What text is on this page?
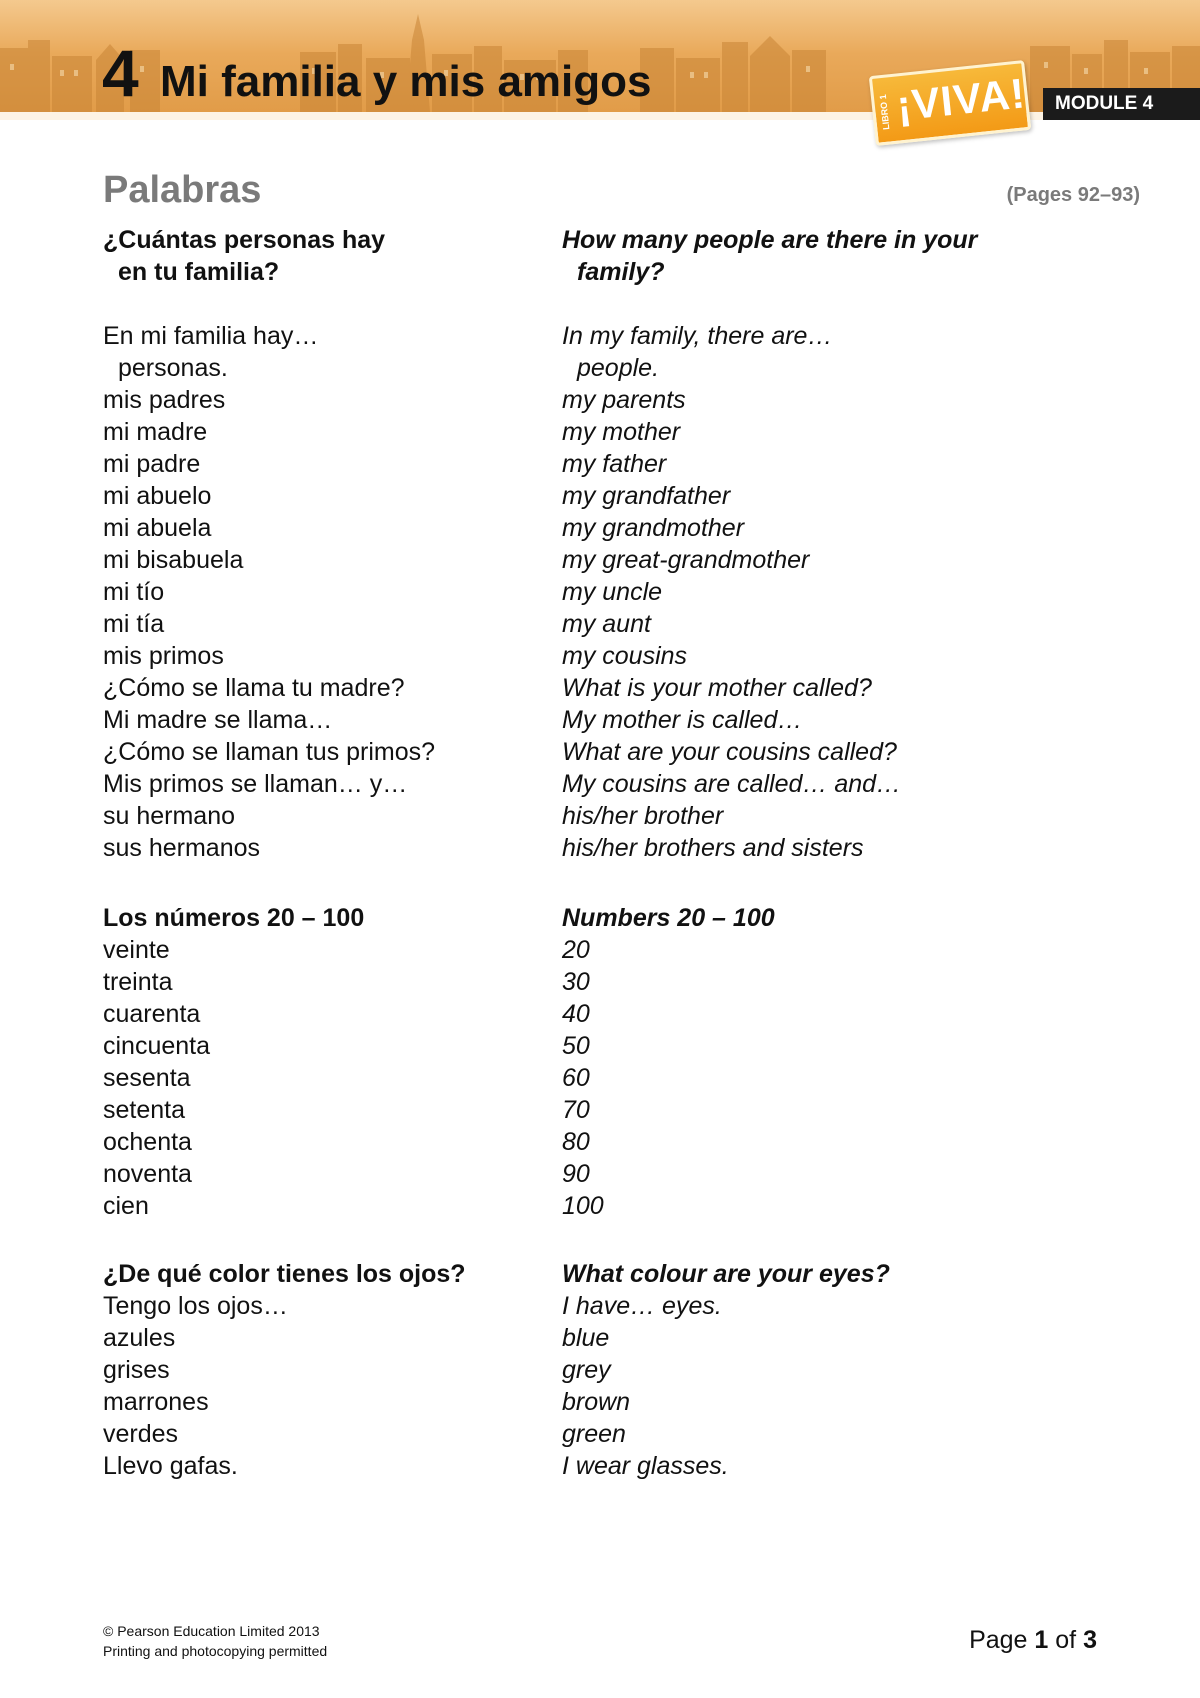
4 Mi familia y mis amigos
LIBRO 1 ¡VIVA!	MODULE 4
Palabras	(Pages 92–93)
¿Cuántas personas hay	How many people are there in your
en tu familia?	family?
En mi familia hay…	In my family, there are…
personas.	people.
mis padres	my parents
mi madre	my mother
mi padre	my father
mi abuelo	my grandfather
mi abuela	my grandmother
mi bisabuela	my great-grandmother
mi tío	my uncle
mi tía	my aunt
mis primos	my cousins
¿Cómo se llama tu madre?	What is your mother called?
Mi madre se llama…	My mother is called…
¿Cómo se llaman tus primos?	What are your cousins called?
Mis primos se llaman… y…	My cousins are called… and…
su hermano	his/her brother
sus hermanos	his/her brothers and sisters
Los números 20 – 100	Numbers 20 – 100
veinte	20
treinta	30
cuarenta	40
cincuenta	50
sesenta	60
setenta	70
ochenta	80
noventa	90
cien	100
¿De qué color tienes los ojos?	What colour are your eyes?
Tengo los ojos…	I have… eyes.
azules	blue
grises	grey
marrones	brown
verdes	green
Llevo gafas.	I wear glasses.
© Pearson Education Limited 2013
Printing and photocopying permitted	Page 1 of 3
